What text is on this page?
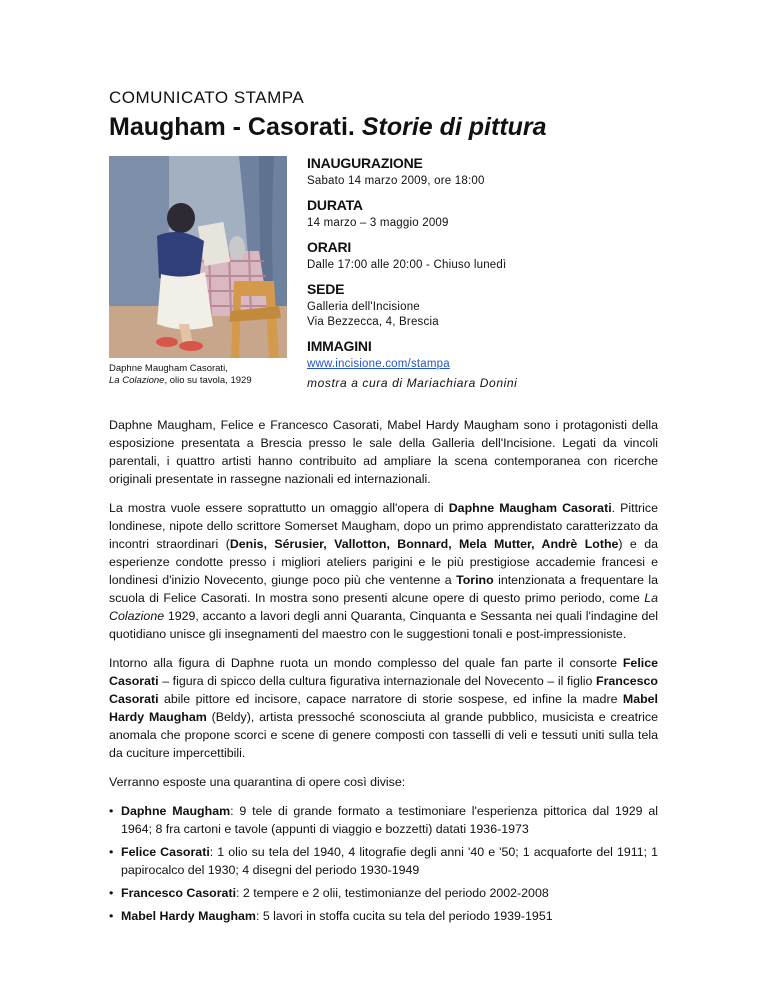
COMUNICATO STAMPA
Maugham - Casorati. Storie di pittura
Daphne Maugham Casorati,
La Colazione, olio su tavola, 1929
INAUGURAZIONE
Sabato 14 marzo 2009, ore 18:00
DURATA
14 marzo – 3 maggio 2009
ORARI
Dalle 17:00 alle 20:00 - Chiuso lunedì
SEDE
Galleria dell'Incisione
Via Bezzecca, 4, Brescia
IMMAGINI
www.incisione.com/stampa
mostra a cura di Mariachiara Donini

Daphne Maugham, Felice e Francesco Casorati, Mabel Hardy Maugham sono i protagonisti della esposizione presentata a Brescia presso le sale della Galleria dell'Incisione. Legati da vincoli parentali, i quattro artisti hanno contribuito ad ampliare la scena contemporanea con ricerche originali presentate in rassegne nazionali ed internazionali.

La mostra vuole essere soprattutto un omaggio all'opera di Daphne Maugham Casorati. Pittrice londinese, nipote dello scrittore Somerset Maugham, dopo un primo apprendistato caratterizzato da incontri straordinari (Denis, Sérusier, Vallotton, Bonnard, Mela Mutter, Andrè Lothe) e da esperienze condotte presso i migliori ateliers parigini e le più prestigiose accademie francesi e londinesi d'inizio Novecento, giunge poco più che ventenne a Torino intenzionata a frequentare la scuola di Felice Casorati. In mostra sono presenti alcune opere di questo primo periodo, come La Colazione 1929, accanto a lavori degli anni Quaranta, Cinquanta e Sessanta nei quali l'indagine del quotidiano unisce gli insegnamenti del maestro con le suggestioni tonali e post-impressioniste.

Intorno alla figura di Daphne ruota un mondo complesso del quale fan parte il consorte Felice Casorati – figura di spicco della cultura figurativa internazionale del Novecento – il figlio Francesco Casorati abile pittore ed incisore, capace narratore di storie sospese, ed infine la madre Mabel Hardy Maugham (Beldy), artista pressoché sconosciuta al grande pubblico, musicista e creatrice anomala che propone scorci e scene di genere composti con tasselli di veli e tessuti uniti sulla tela da cuciture impercettibili.

Verranno esposte una quarantina di opere così divise:

• Daphne Maugham: 9 tele di grande formato a testimoniare l'esperienza pittorica dal 1929 al 1964; 8 fra cartoni e tavole (appunti di viaggio e bozzetti) datati 1936-1973
• Felice Casorati: 1 olio su tela del 1940, 4 litografie degli anni '40 e '50; 1 acquaforte del 1911; 1 papirocalco del 1930; 4 disegni del periodo 1930-1949
• Francesco Casorati: 2 tempere e 2 olii, testimonianze del periodo 2002-2008
• Mabel Hardy Maugham: 5 lavori in stoffa cucita su tela del periodo 1939-1951
